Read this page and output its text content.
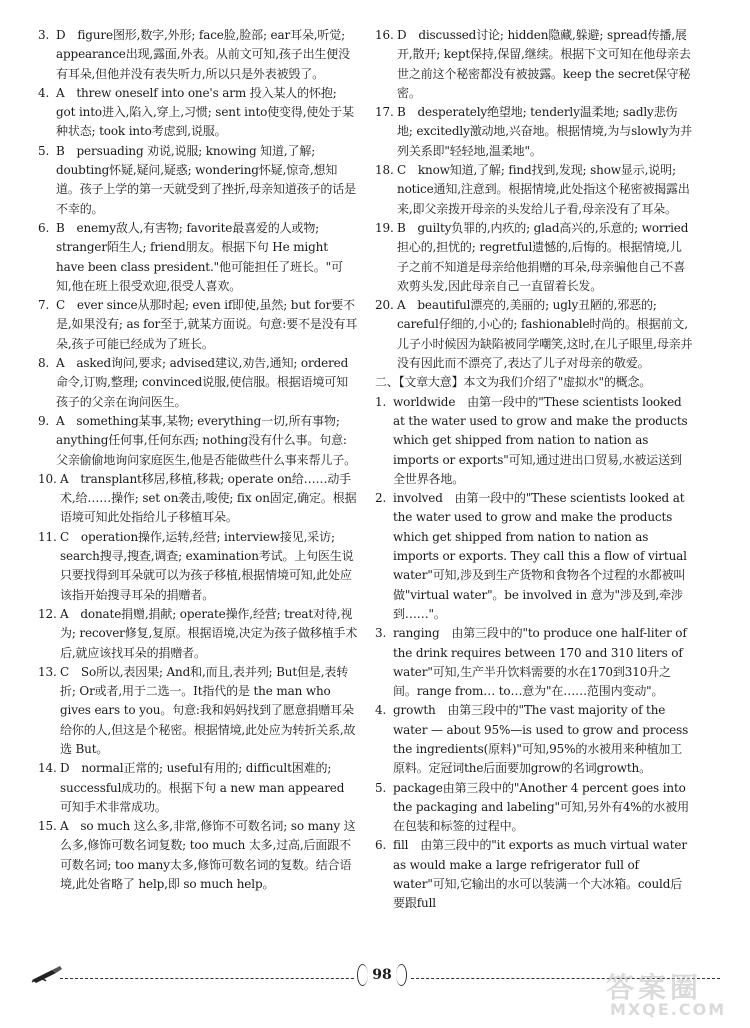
3. D　figure图形,数字,外形; face脸,脸部; ear耳朵,听觉; appearance出现,露面,外表。从前文可知,孩子出生便没有耳朵,但他并没有表失听力,所以只是外表被毁了。

4. A　threw oneself into one's arm 投入某人的怀抱; got into进入,陷入,穿上,习惯; sent into使变得,使处于某种状态; took into考虑到,说服。

5. B　persuading 劝说,说服; knowing 知道,了解; doubting怀疑,疑问,疑惑; wondering怀疑,惊奇,想知道。孩子上学的第一天就受到了挫折,母亲知道孩子的话是不幸的。

6. B　enemy敌人,有害物; favorite最喜爱的人或物; stranger陌生人; friend朋友。根据下句 He might have been class president."他可能担任了班长。"可知,他在班上很受欢迎,很受人喜欢。

7. C　ever since从那时起; even if即使,虽然; but for要不是,如果没有; as for至于,就某方面说。句意:要不是没有耳朵,孩子可能已经成为了班长。

8. A　asked询问,要求; advised建议,劝告,通知; ordered命令,订购,整理; convinced说服,使信服。根据语境可知孩子的父亲在询问医生。

9. A　something某事,某物; everything一切,所有事物; anything任何事,任何东西; nothing没有什么事。句意:父亲偷偷地询问家庭医生,他是否能做些什么事来帮儿子。

10. A　transplant移居,移植,移栽; operate on给……动手术,给……操作; set on袭击,唆使; fix on固定,确定。根据语境可知此处指给儿子移植耳朵。

11. C　operation操作,运转,经营; interview接见,采访; search搜寻,搜查,调查; examination考试。上句医生说只要找得到耳朵就可以为孩子移植,根据情境可知,此处应该指开始搜寻耳朵的捐赠者。

12. A　donate捐赠,捐献; operate操作,经营; treat对待,视为; recover修复,复原。根据语境,决定为孩子做移植手术后,就应该找耳朵的捐赠者。

13. C　So所以,表因果; And和,而且,表并列; But但是,表转折; Or或者,用于二选一。It指代的是 the man who gives ears to you。句意:我和妈妈找到了愿意捐赠耳朵给你的人,但这是个秘密。根据情境,此处应为转折关系,故选 But。

14. D　normal正常的; useful有用的; difficult困难的; successful成功的。根据下句 a new man appeared 可知手术非常成功。

15. A　so much 这么多,非常,修饰不可数名词; so many 这么多,修饰可数名词复数; too much 太多,过高,后面跟不可数名词; too many太多,修饰可数名词的复数。结合语境,此处省略了 help,即 so much help。

16. D　discussed讨论; hidden隐藏,躲避; spread传播,展开,散开; kept保持,保留,继续。根据下文可知在他母亲去世之前这个秘密都没有被披露。keep the secret保守秘密。

17. B　desperately绝望地; tenderly温柔地; sadly悲伤地; excitedly激动地,兴奋地。根据情境,为与slowly为并列关系即"轻轻地,温柔地"。

18. C　know知道,了解; find找到,发现; show显示,说明; notice通知,注意到。根据情境,此处指这个秘密被揭露出来,即父亲拨开母亲的头发给儿子看,母亲没有了耳朵。

19. B　guilty负罪的,内疚的; glad高兴的,乐意的; worried担心的,担忧的; regretful遗憾的,后悔的。根据情境,儿子之前不知道是母亲给他捐赠的耳朵,母亲骗他自己不喜欢剪头发,因此母亲自己一直留着长发。

20. A　beautiful漂亮的,美丽的; ugly丑陋的,邪恶的; careful仔细的,小心的; fashionable时尚的。根据前文,儿子小时候因为缺陷被同学嘲笑,这时,在儿子眼里,母亲并没有因此而不漂亮了,表达了儿子对母亲的敬爱。

二、【文章大意】本文为我们介绍了"虚拟水"的概念。

1. worldwide　由第一段中的"These scientists looked at the water used to grow and make the products which get shipped from nation to nation as imports or exports"可知,通过进出口贸易,水被运送到全世界各地。

2. involved　由第一段中的"These scientists looked at the water used to grow and make the products which get shipped from nation to nation as imports or exports. They call this a flow of virtual water"可知,涉及到生产货物和食物各个过程的水都被叫做"virtual water"。be involved in 意为"涉及到,牵涉到……"。

3. ranging　由第三段中的"to produce one half-liter of the drink requires between 170 and 310 liters of water"可知,生产半升饮料需要的水在170到310升之间。range from… to…意为"在……范围内变动"。

4. growth　由第三段中的"The vast majority of the water — about 95%—is used to grow and process the ingredients(原料)"可知,95%的水被用来种植加工原料。定冠词the后面要加grow的名词growth。

5. package由第三段中的"Another 4 percent goes into the packaging and labeling"可知,另外有4%的水被用在包装和标签的过程中。

6. fill　由第三段中的"it exports as much virtual water as would make a large refrigerator full of water"可知,它输出的水可以装满一个大冰箱。could后要跟full

98	答案圈
MXQE.COM
